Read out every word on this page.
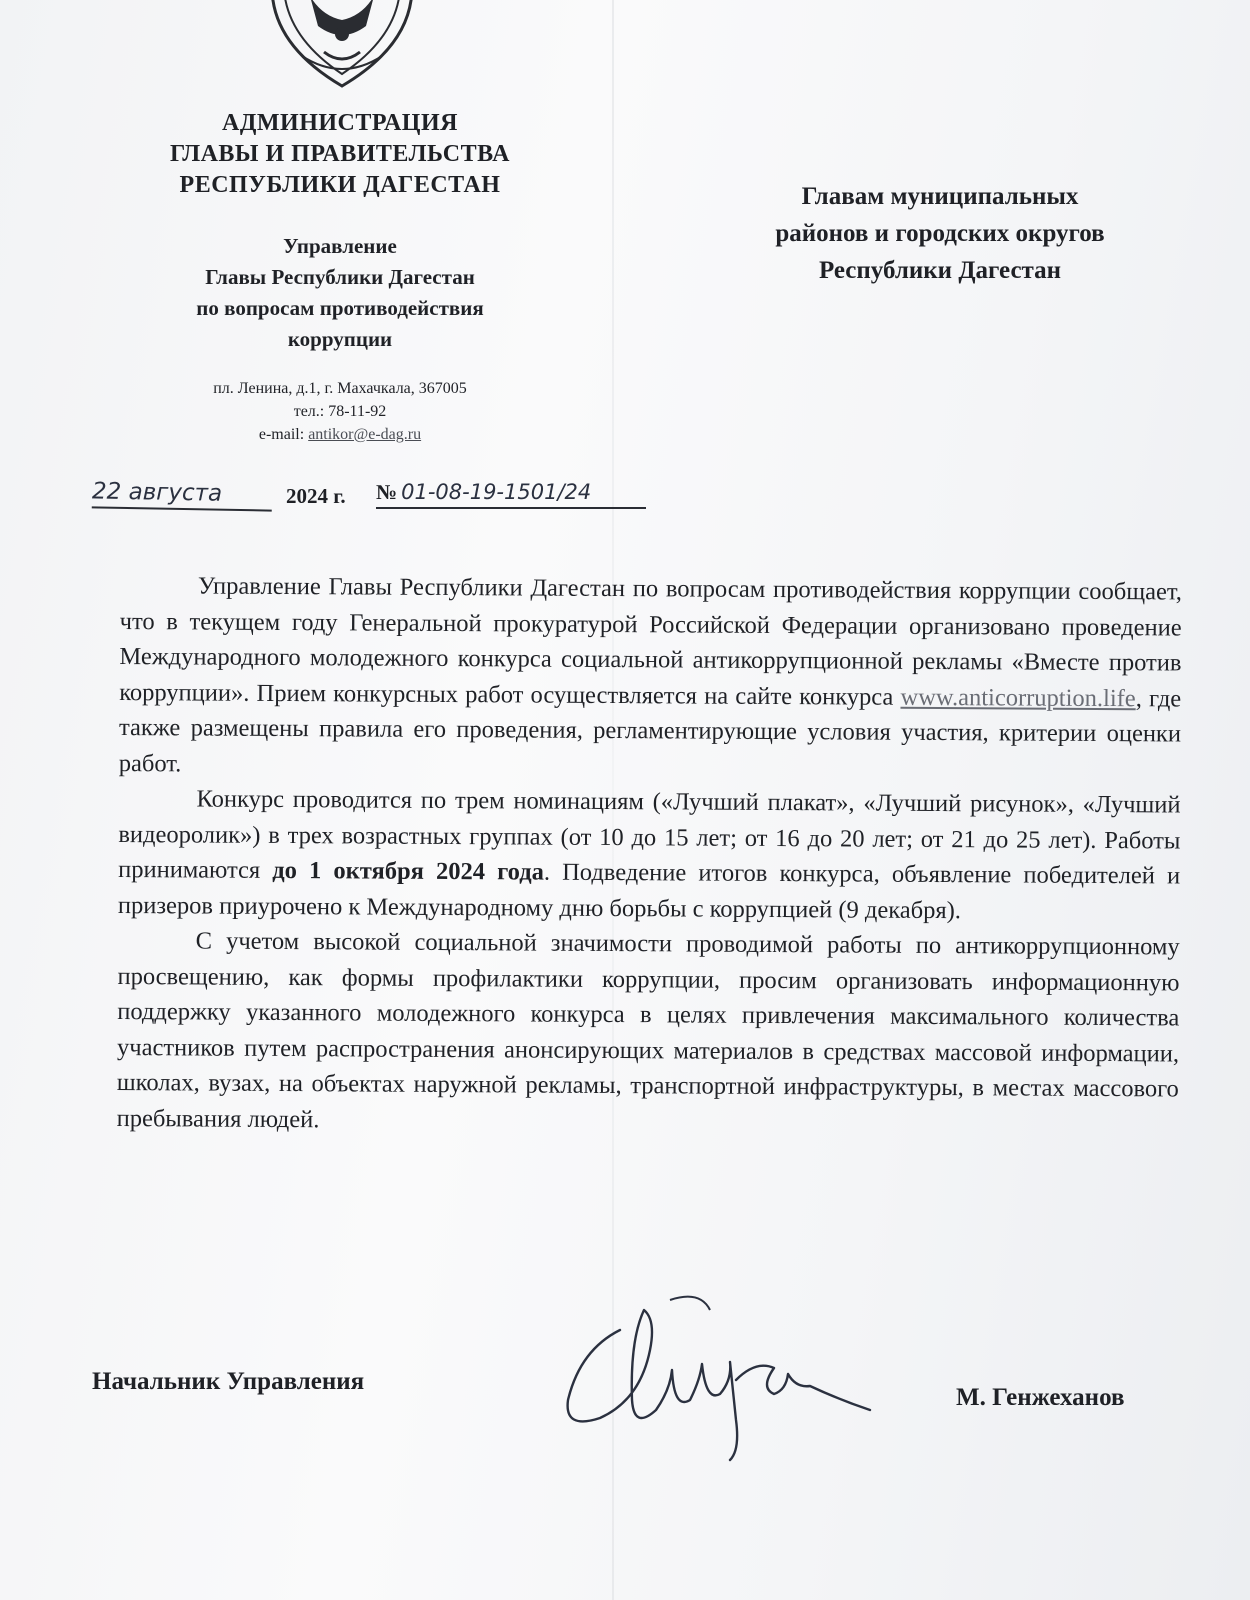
АДМИНИСТРАЦИЯ
ГЛАВЫ И ПРАВИТЕЛЬСТВА
РЕСПУБЛИКИ ДАГЕСТАН
Управление
Главы Республики Дагестан
по вопросам противодействия
коррупции
пл. Ленина, д.1, г. Махачкала, 367005
тел.: 78-11-92
e-mail: antikor@e-dag.ru
Главам муниципальных
районов и городских округов
Республики Дагестан
22 августа	2024 г. № 01-08-19-1501/24

Управление Главы Республики Дагестан по вопросам противодействия коррупции сообщает, что в текущем году Генеральной прокуратурой Российской Федерации организовано проведение Международного молодежного конкурса социальной антикоррупционной рекламы «Вместе против коррупции». Прием конкурсных работ осуществляется на сайте конкурса www.anticorruption.life, где также размещены правила его проведения, регламентирующие условия участия, критерии оценки работ.

Конкурс проводится по трем номинациям («Лучший плакат», «Лучший рисунок», «Лучший видеоролик») в трех возрастных группах (от 10 до 15 лет; от 16 до 20 лет; от 21 до 25 лет). Работы принимаются до 1 октября 2024 года. Подведение итогов конкурса, объявление победителей и призеров приурочено к Международному дню борьбы с коррупцией (9 декабря).

С учетом высокой социальной значимости проводимой работы по антикоррупционному просвещению, как формы профилактики коррупции, просим организовать информационную поддержку указанного молодежного конкурса в целях привлечения максимального количества участников путем распространения анонсирующих материалов в средствах массовой информации, школах, вузах, на объектах наружной рекламы, транспортной инфраструктуры, в местах массового пребывания людей.

Начальник Управления
М. Генжеханов
